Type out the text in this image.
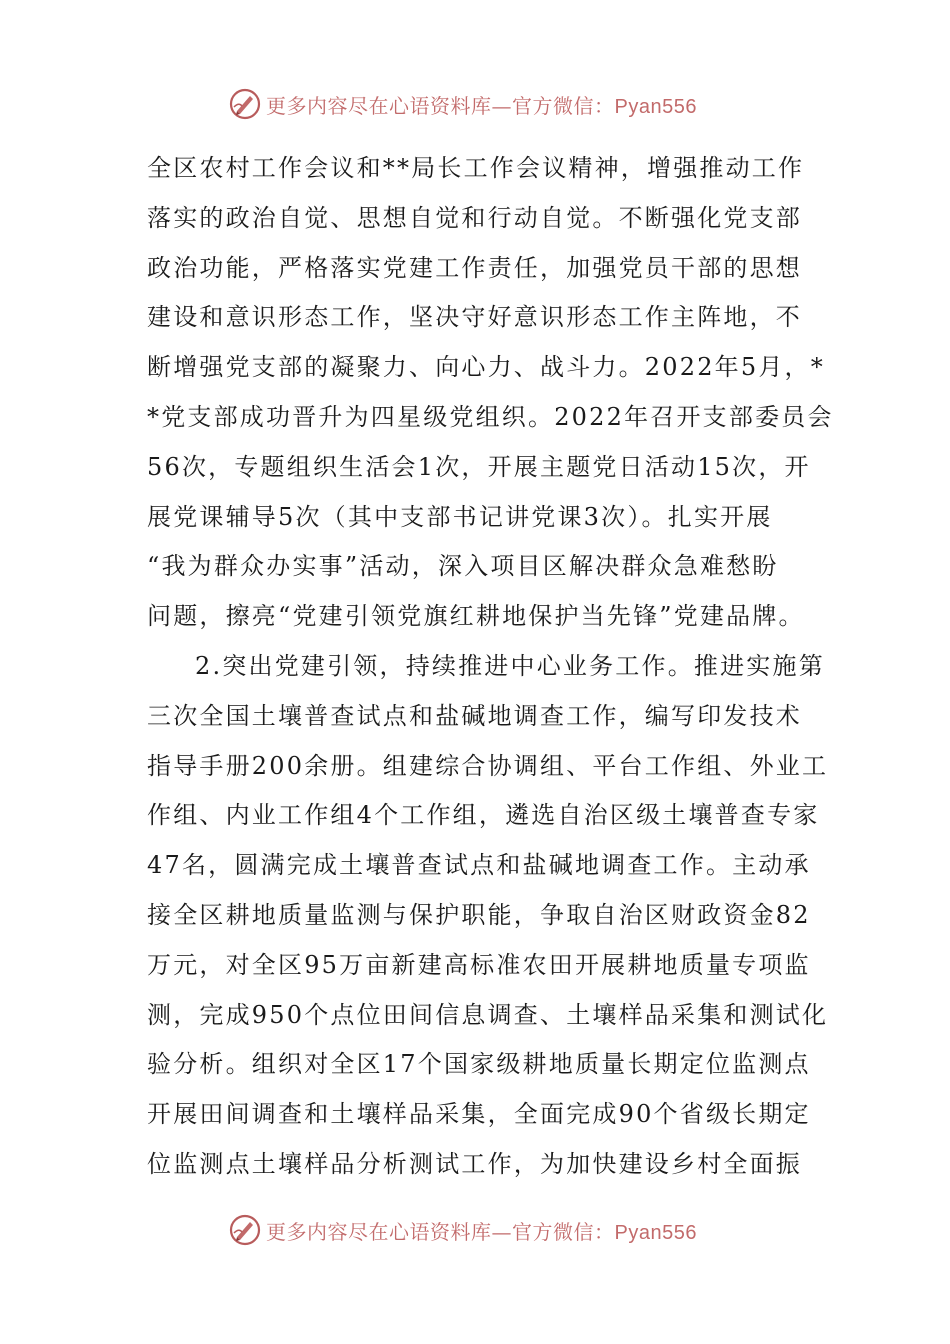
更多内容尽在心语资料库—官方微信：Pyan556
全区农村工作会议和**局长工作会议精神，增强推动工作
落实的政治自觉、思想自觉和行动自觉。不断强化党支部
政治功能，严格落实党建工作责任，加强党员干部的思想
建设和意识形态工作，坚决守好意识形态工作主阵地，不
断增强党支部的凝聚力、向心力、战斗力。2022年5月，*
*党支部成功晋升为四星级党组织。2022年召开支部委员会
56次，专题组织生活会1次，开展主题党日活动15次，开
展党课辅导5次（其中支部书记讲党课3次）。扎实开展
“我为群众办实事”活动，深入项目区解决群众急难愁盼
问题，擦亮“党建引领党旗红耕地保护当先锋”党建品牌。
2.突出党建引领，持续推进中心业务工作。推进实施第
三次全国土壤普查试点和盐碱地调查工作，编写印发技术
指导手册200余册。组建综合协调组、平台工作组、外业工
作组、内业工作组4个工作组，遴选自治区级土壤普查专家
47名，圆满完成土壤普查试点和盐碱地调查工作。主动承
接全区耕地质量监测与保护职能，争取自治区财政资金82
万元，对全区95万亩新建高标准农田开展耕地质量专项监
测，完成950个点位田间信息调查、土壤样品采集和测试化
验分析。组织对全区17个国家级耕地质量长期定位监测点
开展田间调查和土壤样品采集，全面完成90个省级长期定
位监测点土壤样品分析测试工作，为加快建设乡村全面振
更多内容尽在心语资料库—官方微信：Pyan556
